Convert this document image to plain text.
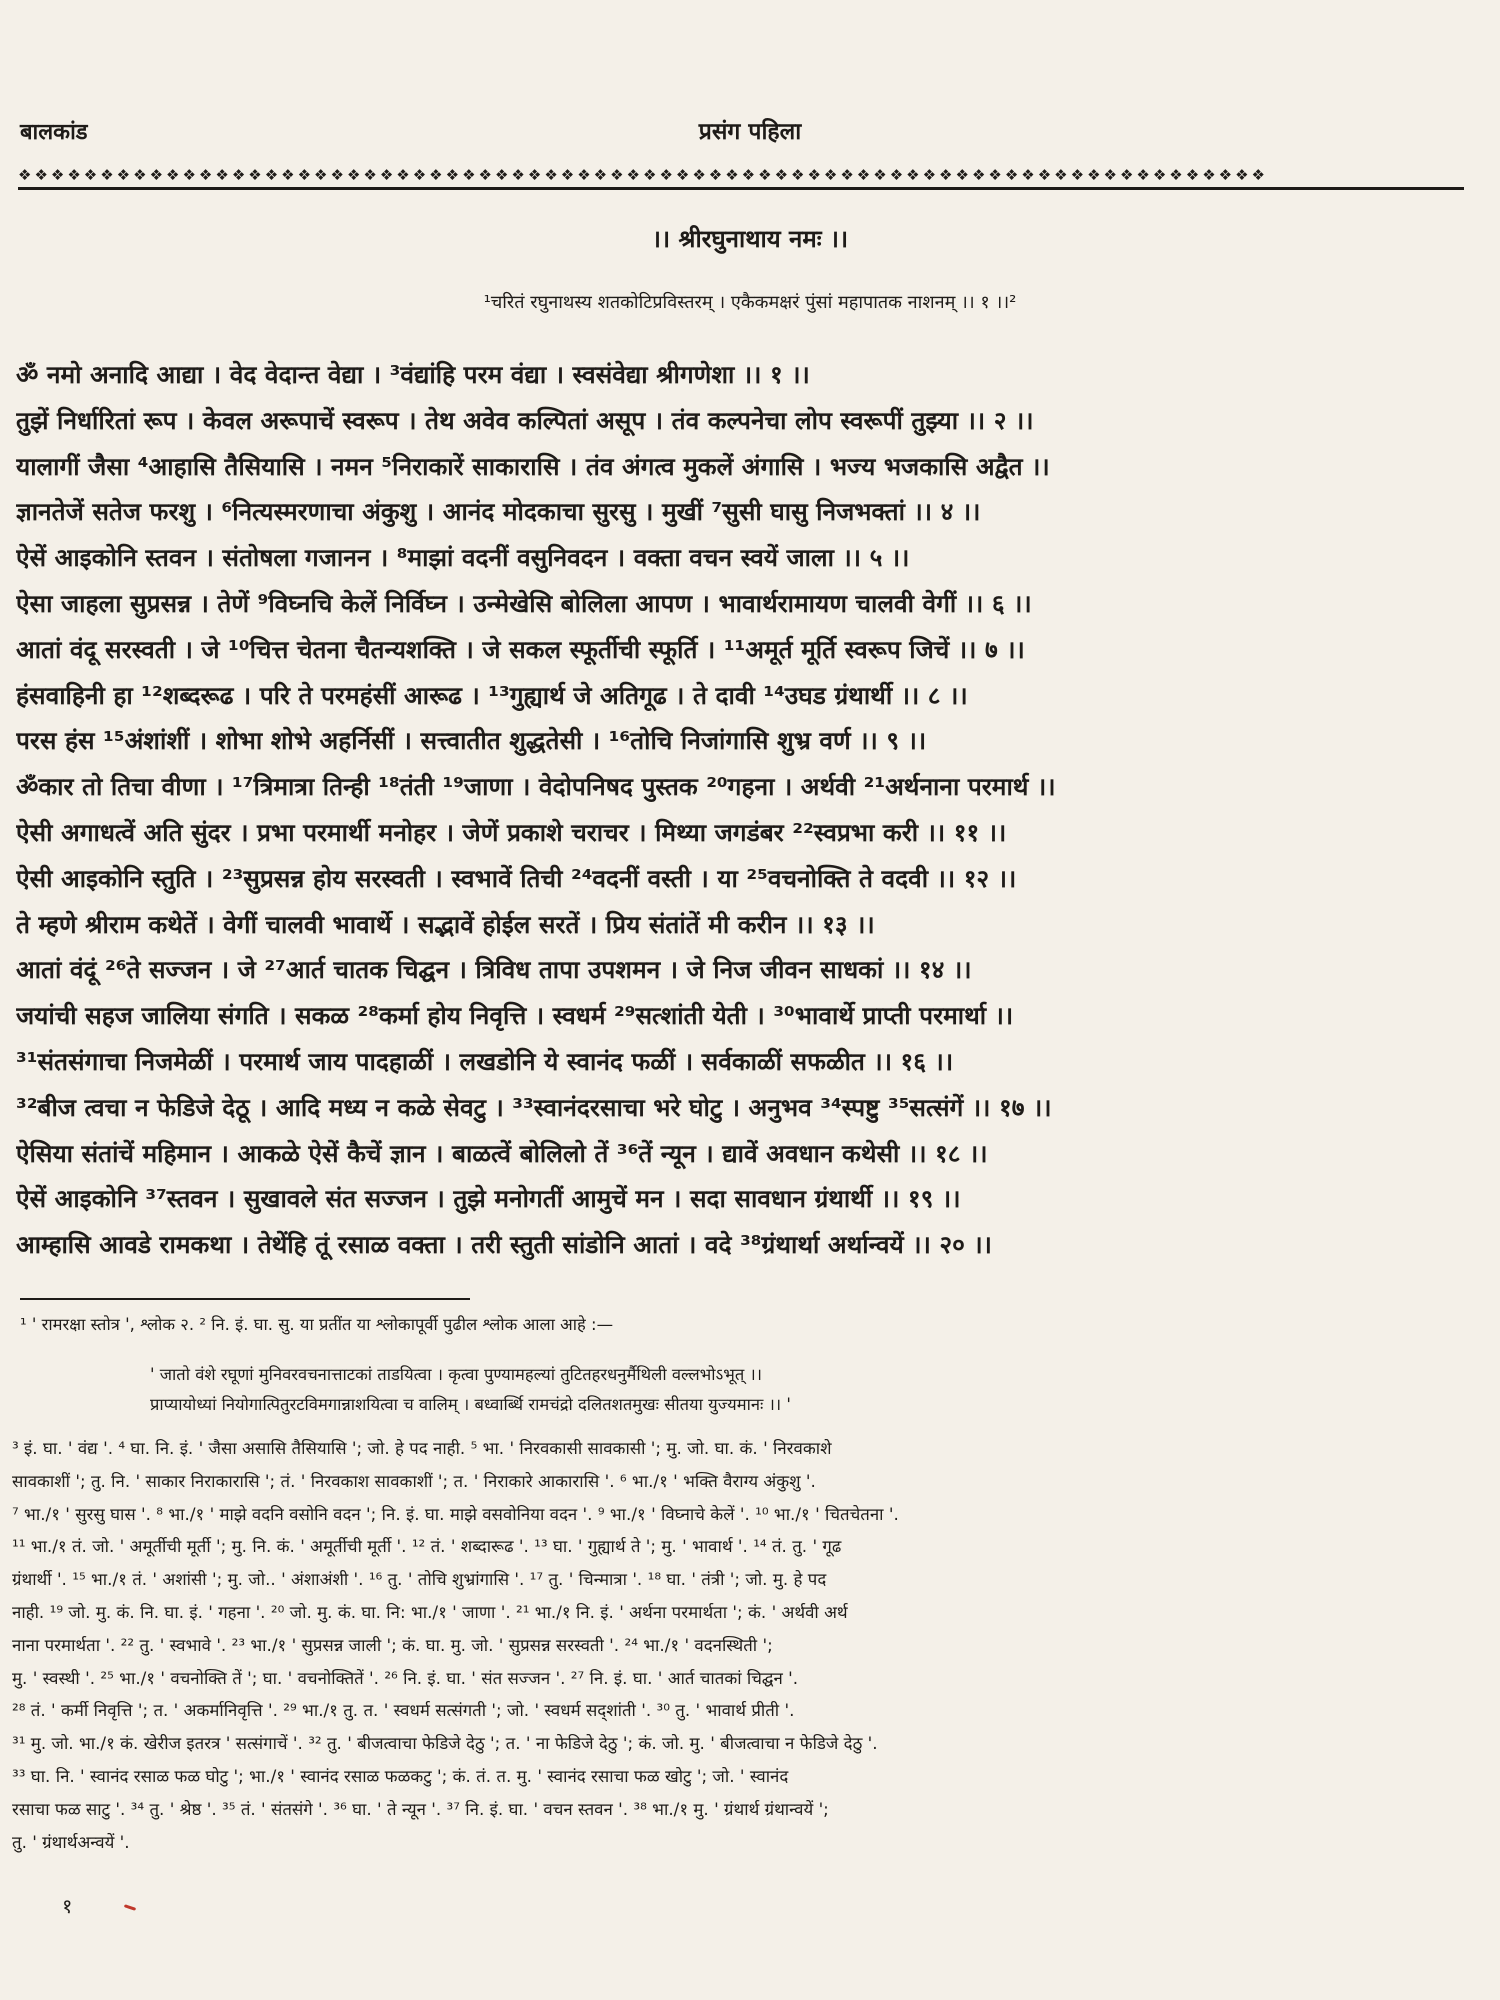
बालकांड	प्रसंग पहिला
❖❖❖❖❖❖❖❖❖❖❖❖❖❖❖❖❖❖❖❖❖❖❖❖❖❖❖❖❖❖❖❖❖❖❖❖❖❖❖❖❖❖❖❖❖❖❖❖❖❖❖❖❖❖❖❖❖❖❖❖❖❖❖❖❖❖❖❖❖❖❖❖❖❖❖❖
।। श्रीरघुनाथाय नमः ।।
¹चरितं रघुनाथस्य शतकोटिप्रविस्तरम् । एकैकमक्षरं पुंसां महापातक नाशनम् ।। १ ।।²
ॐ नमो अनादि आद्या । वेद वेदान्त वेद्या । ³वंद्यांहि परम वंद्या । स्वसंवेद्या श्रीगणेशा ।। १ ।।
तुझें निर्धारितां रूप । केवल अरूपाचें स्वरूप । तेथ अवेव कल्पितां असूप । तंव कल्पनेचा लोप स्वरूपीं तुझ्या ।। २ ।।
यालागीं जैसा ⁴आहासि तैसियासि । नमन ⁵निराकारें साकारासि । तंव अंगत्व मुकलें अंगासि । भज्य भजकासि अद्वैत ।।
ज्ञानतेजें सतेज फरशु । ⁶नित्यस्मरणाचा अंकुशु । आनंद मोदकाचा सुरसु । मुखीं ⁷सुसी घासु निजभक्तां ।। ४ ।।
ऐसें आइकोनि स्तवन । संतोषला गजानन । ⁸माझां वदनीं वसुनिवदन । वक्ता वचन स्वयें जाला ।। ५ ।।
ऐसा जाहला सुप्रसन्न । तेणें ⁹विघ्नचि केलें निर्विघ्न । उन्मेखेसि बोलिला आपण । भावार्थरामायण चालवी वेगीं ।। ६ ।।
आतां वंदू सरस्वती । जे ¹⁰चित्त चेतना चैतन्यशक्ति । जे सकल स्फूर्तीची स्फूर्ति । ¹¹अमूर्त मूर्ति स्वरूप जिचें ।। ७ ।।
हंसवाहिनी हा ¹²शब्दरूढ । परि ते परमहंसीं आरूढ । ¹³गुह्यार्थ जे अतिगूढ । ते दावी ¹⁴उघड ग्रंथार्थी ।। ८ ।।
परस हंस ¹⁵अंशांशीं । शोभा शोभे अहर्निसीं । सत्त्वातीत शुद्धतेसी । ¹⁶तोचि निजांगासि शुभ्र वर्ण ।। ९ ।।
ॐकार तो तिचा वीणा । ¹⁷त्रिमात्रा तिन्ही ¹⁸तंती ¹⁹जाणा । वेदोपनिषद पुस्तक ²⁰गहना । अर्थवी ²¹अर्थनाना परमार्थ ।।
ऐसी अगाधत्वें अति सुंदर । प्रभा परमार्थी मनोहर । जेणें प्रकाशे चराचर । मिथ्या जगडंबर ²²स्वप्रभा करी ।। ११ ।।
ऐसी आइकोनि स्तुति । ²³सुप्रसन्न होय सरस्वती । स्वभावें तिची ²⁴वदनीं वस्ती । या ²⁵वचनोक्ति ते वदवी ।। १२ ।।
ते म्हणे श्रीराम कथेतें । वेगीं चालवी भावार्थे । सद्भावें होईल सरतें । प्रिय संतांतें मी करीन ।। १३ ।।
आतां वंदूं ²⁶ते सज्जन । जे ²⁷आर्त चातक चिद्घन । त्रिविध तापा उपशमन । जे निज जीवन साधकां ।। १४ ।।
जयांची सहज जालिया संगति । सकळ ²⁸कर्मा होय निवृत्ति । स्वधर्म ²⁹सत्शांती येती । ³⁰भावार्थे प्राप्ती परमार्था ।।
³¹संतसंगाचा निजमेळीं । परमार्थ जाय पादहाळीं । लखडोनि ये स्वानंद फळीं । सर्वकाळीं सफळीत ।। १६ ।।
³²बीज त्वचा न फेडिजे देठू । आदि मध्य न कळे सेवटु । ³³स्वानंदरसाचा भरे घोटु । अनुभव ³⁴स्पष्टु ³⁵सत्संगें ।। १७ ।।
ऐसिया संतांचें महिमान । आकळे ऐसें कैचें ज्ञान । बाळत्वें बोलिलो तें ³⁶तें न्यून । द्यावें अवधान कथेसी ।। १८ ।।
ऐसें आइकोनि ³⁷स्तवन । सुखावले संत सज्जन । तुझे मनोगतीं आमुचें मन । सदा सावधान ग्रंथार्थी ।। १९ ।।
आम्हासि आवडे रामकथा । तेथेंहि तूं रसाळ वक्ता । तरी स्तुती सांडोनि आतां । वदे ³⁸ग्रंथार्था अर्थान्वयें ।। २० ।।
¹ ' रामरक्षा स्तोत्र ', श्लोक २. ² नि. इं. घा. सु. या प्रतींत या श्लोकापूर्वी पुढील श्लोक आला आहे :—
' जातो वंशे रघूणां मुनिवरवचनात्ताटकां ताडयित्वा । कृत्वा पुण्यामहल्यां तुटितहरधनुर्मैथिली वल्लभोऽभूत् ।।
प्राप्यायोध्यां नियोगात्पितुरटविमगान्नाशयित्वा च वालिम् । बध्वार्ब्धि रामचंद्रो दलितशतमुखः सीतया युज्यमानः ।। '
³ इं. घा. ' वंद्य '. ⁴ घा. नि. इं. ' जैसा असासि तैसियासि '; जो. हे पद नाही. ⁵ भा. ' निरवकासी सावकासी '; मु. जो. घा. कं. ' निरवकाशे
सावकाशीं '; तु. नि. ' साकार निराकारासि '; तं. ' निरवकाश सावकाशीं '; त. ' निराकारे आकारासि '. ⁶ भा./१ ' भक्ति वैराग्य अंकुशु '.
⁷ भा./१ ' सुरसु घास '. ⁸ भा./१ ' माझे वदनि वसोनि वदन '; नि. इं. घा. माझे वसवोनिया वदन '. ⁹ भा./१ ' विघ्नाचे केलें '. ¹⁰ भा./१ ' चितचेतना '.
¹¹ भा./१ तं. जो. ' अमूर्तीची मूर्ती '; मु. नि. कं. ' अमूर्तीची मूर्ती '. ¹² तं. ' शब्दारूढ '. ¹³ घा. ' गुह्यार्थ ते '; मु. ' भावार्थ '. ¹⁴ तं. तु. ' गूढ
ग्रंथार्थी '. ¹⁵ भा./१ तं. ' अशांसी '; मु. जो.. ' अंशाअंशी '. ¹⁶ तु. ' तोचि शुभ्रांगासि '. ¹⁷ तु. ' चिन्मात्रा '. ¹⁸ घा. ' तंत्री '; जो. मु. हे पद
नाही. ¹⁹ जो. मु. कं. नि. घा. इं. ' गहना '. ²⁰ जो. मु. कं. घा. नि: भा./१ ' जाणा '. ²¹ भा./१ नि. इं. ' अर्थना परमार्थता '; कं. ' अर्थवी अर्थ
नाना परमार्थता '. ²² तु. ' स्वभावे '. ²³ भा./१ ' सुप्रसन्न जाली '; कं. घा. मु. जो. ' सुप्रसन्न सरस्वती '. ²⁴ भा./१ ' वदनस्थिती ';
मु. ' स्वस्थी '. ²⁵ भा./१ ' वचनोक्ति तें '; घा. ' वचनोक्तितें '. ²⁶ नि. इं. घा. ' संत सज्जन '. ²⁷ नि. इं. घा. ' आर्त चातकां चिद्घन '.
²⁸ तं. ' कर्मी निवृत्ति '; त. ' अकर्मानिवृत्ति '. ²⁹ भा./१ तु. त. ' स्वधर्म सत्संगती '; जो. ' स्वधर्म सद्शांती '. ³⁰ तु. ' भावार्थ प्रीती '.
³¹ मु. जो. भा./१ कं. खेरीज इतरत्र ' सत्संगाचें '. ³² तु. ' बीजत्वाचा फेडिजे देठु '; त. ' ना फेडिजे देठु '; कं. जो. मु. ' बीजत्वाचा न फेडिजे देठु '.
³³ घा. नि. ' स्वानंद रसाळ फळ घोटु '; भा./१ ' स्वानंद रसाळ फळकटु '; कं. तं. त. मु. ' स्वानंद रसाचा फळ खोटु '; जो. ' स्वानंद
रसाचा फळ साटु '. ³⁴ तु. ' श्रेष्ठ '. ³⁵ तं. ' संतसंगे '. ³⁶ घा. ' ते न्यून '. ³⁷ नि. इं. घा. ' वचन स्तवन '. ³⁸ भा./१ मु. ' ग्रंथार्थ ग्रंथान्वयें ';
तु. ' ग्रंथार्थअन्वयें '.
१
